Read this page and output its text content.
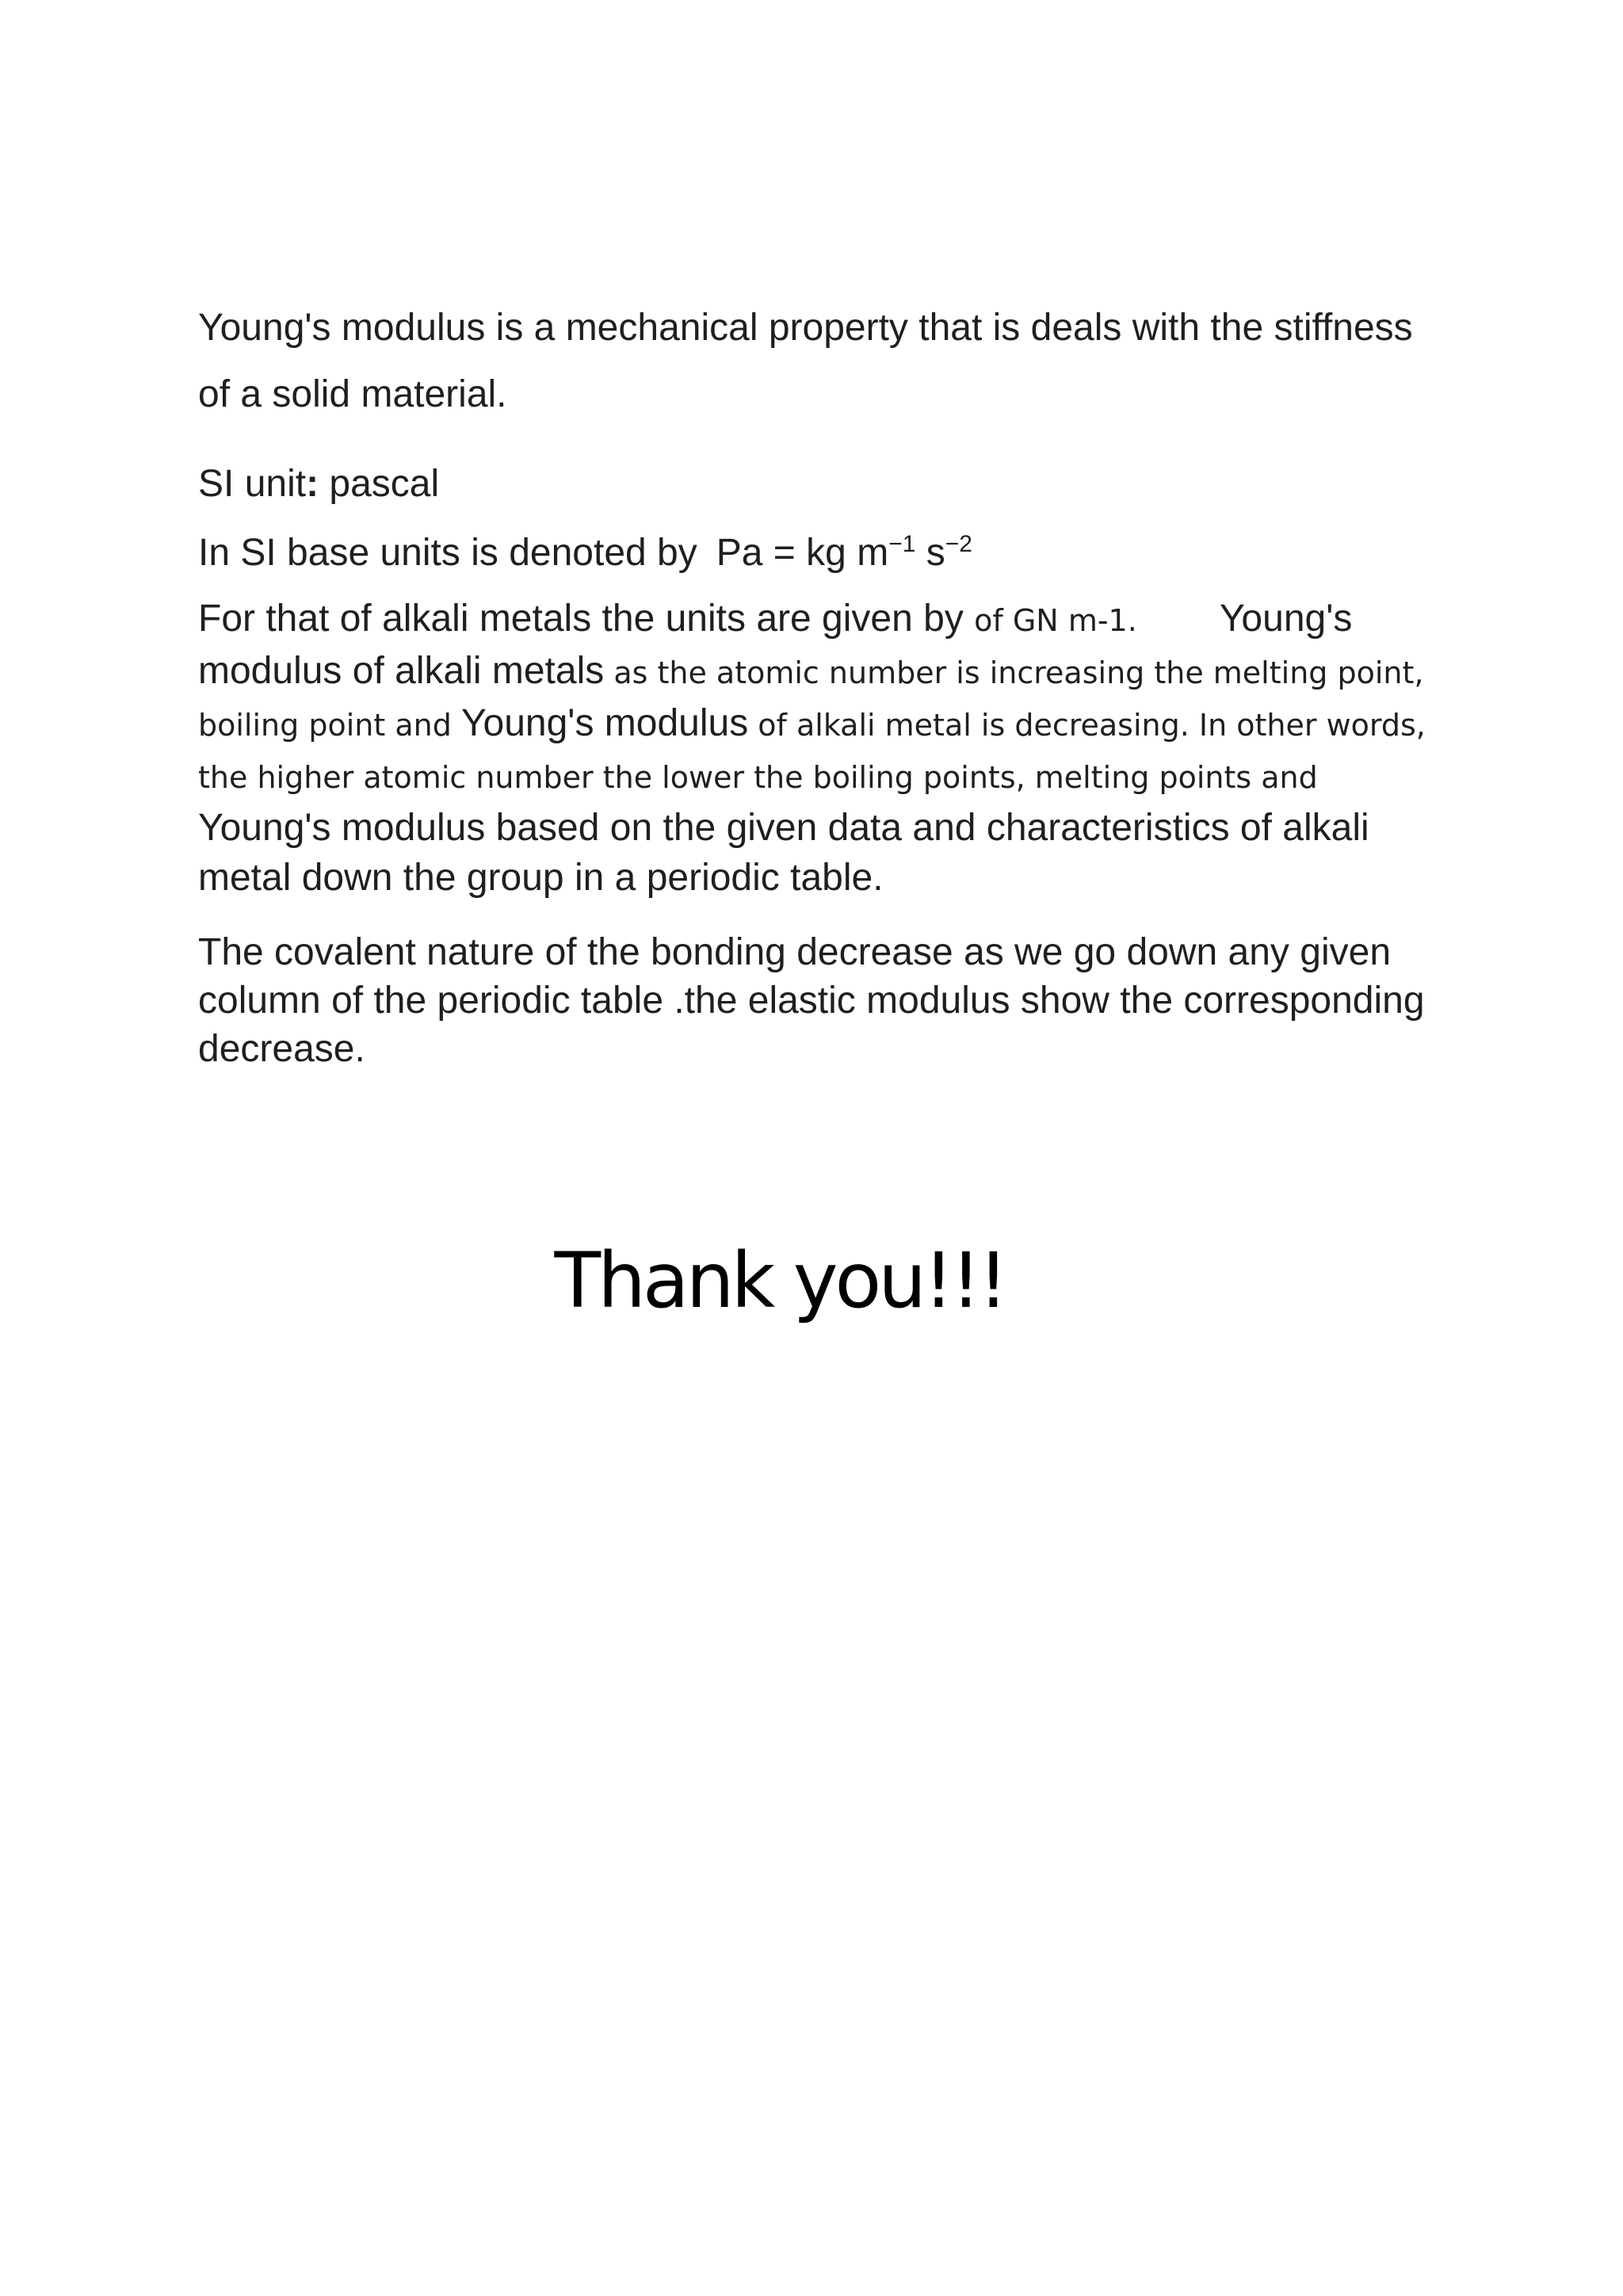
Young's modulus is a mechanical property that is deals with the stiffness of a solid material.

SI unit: pascal

In SI base units is denoted by Pa = kg $m^{-1}$ $s^{-2}$

For that of alkali metals the units are given by of GN m-1. Young's modulus of alkali metals as the atomic number is increasing the melting point, boiling point and Young's modulus of alkali metal is decreasing. In other words, the higher atomic number the lower the boiling points, melting points and Young's modulus based on the given data and characteristics of alkali metal down the group in a periodic table.

The covalent nature of the bonding decrease as we go down any given column of the periodic table .the elastic modulus show the corresponding decrease.

Thank you!!!
